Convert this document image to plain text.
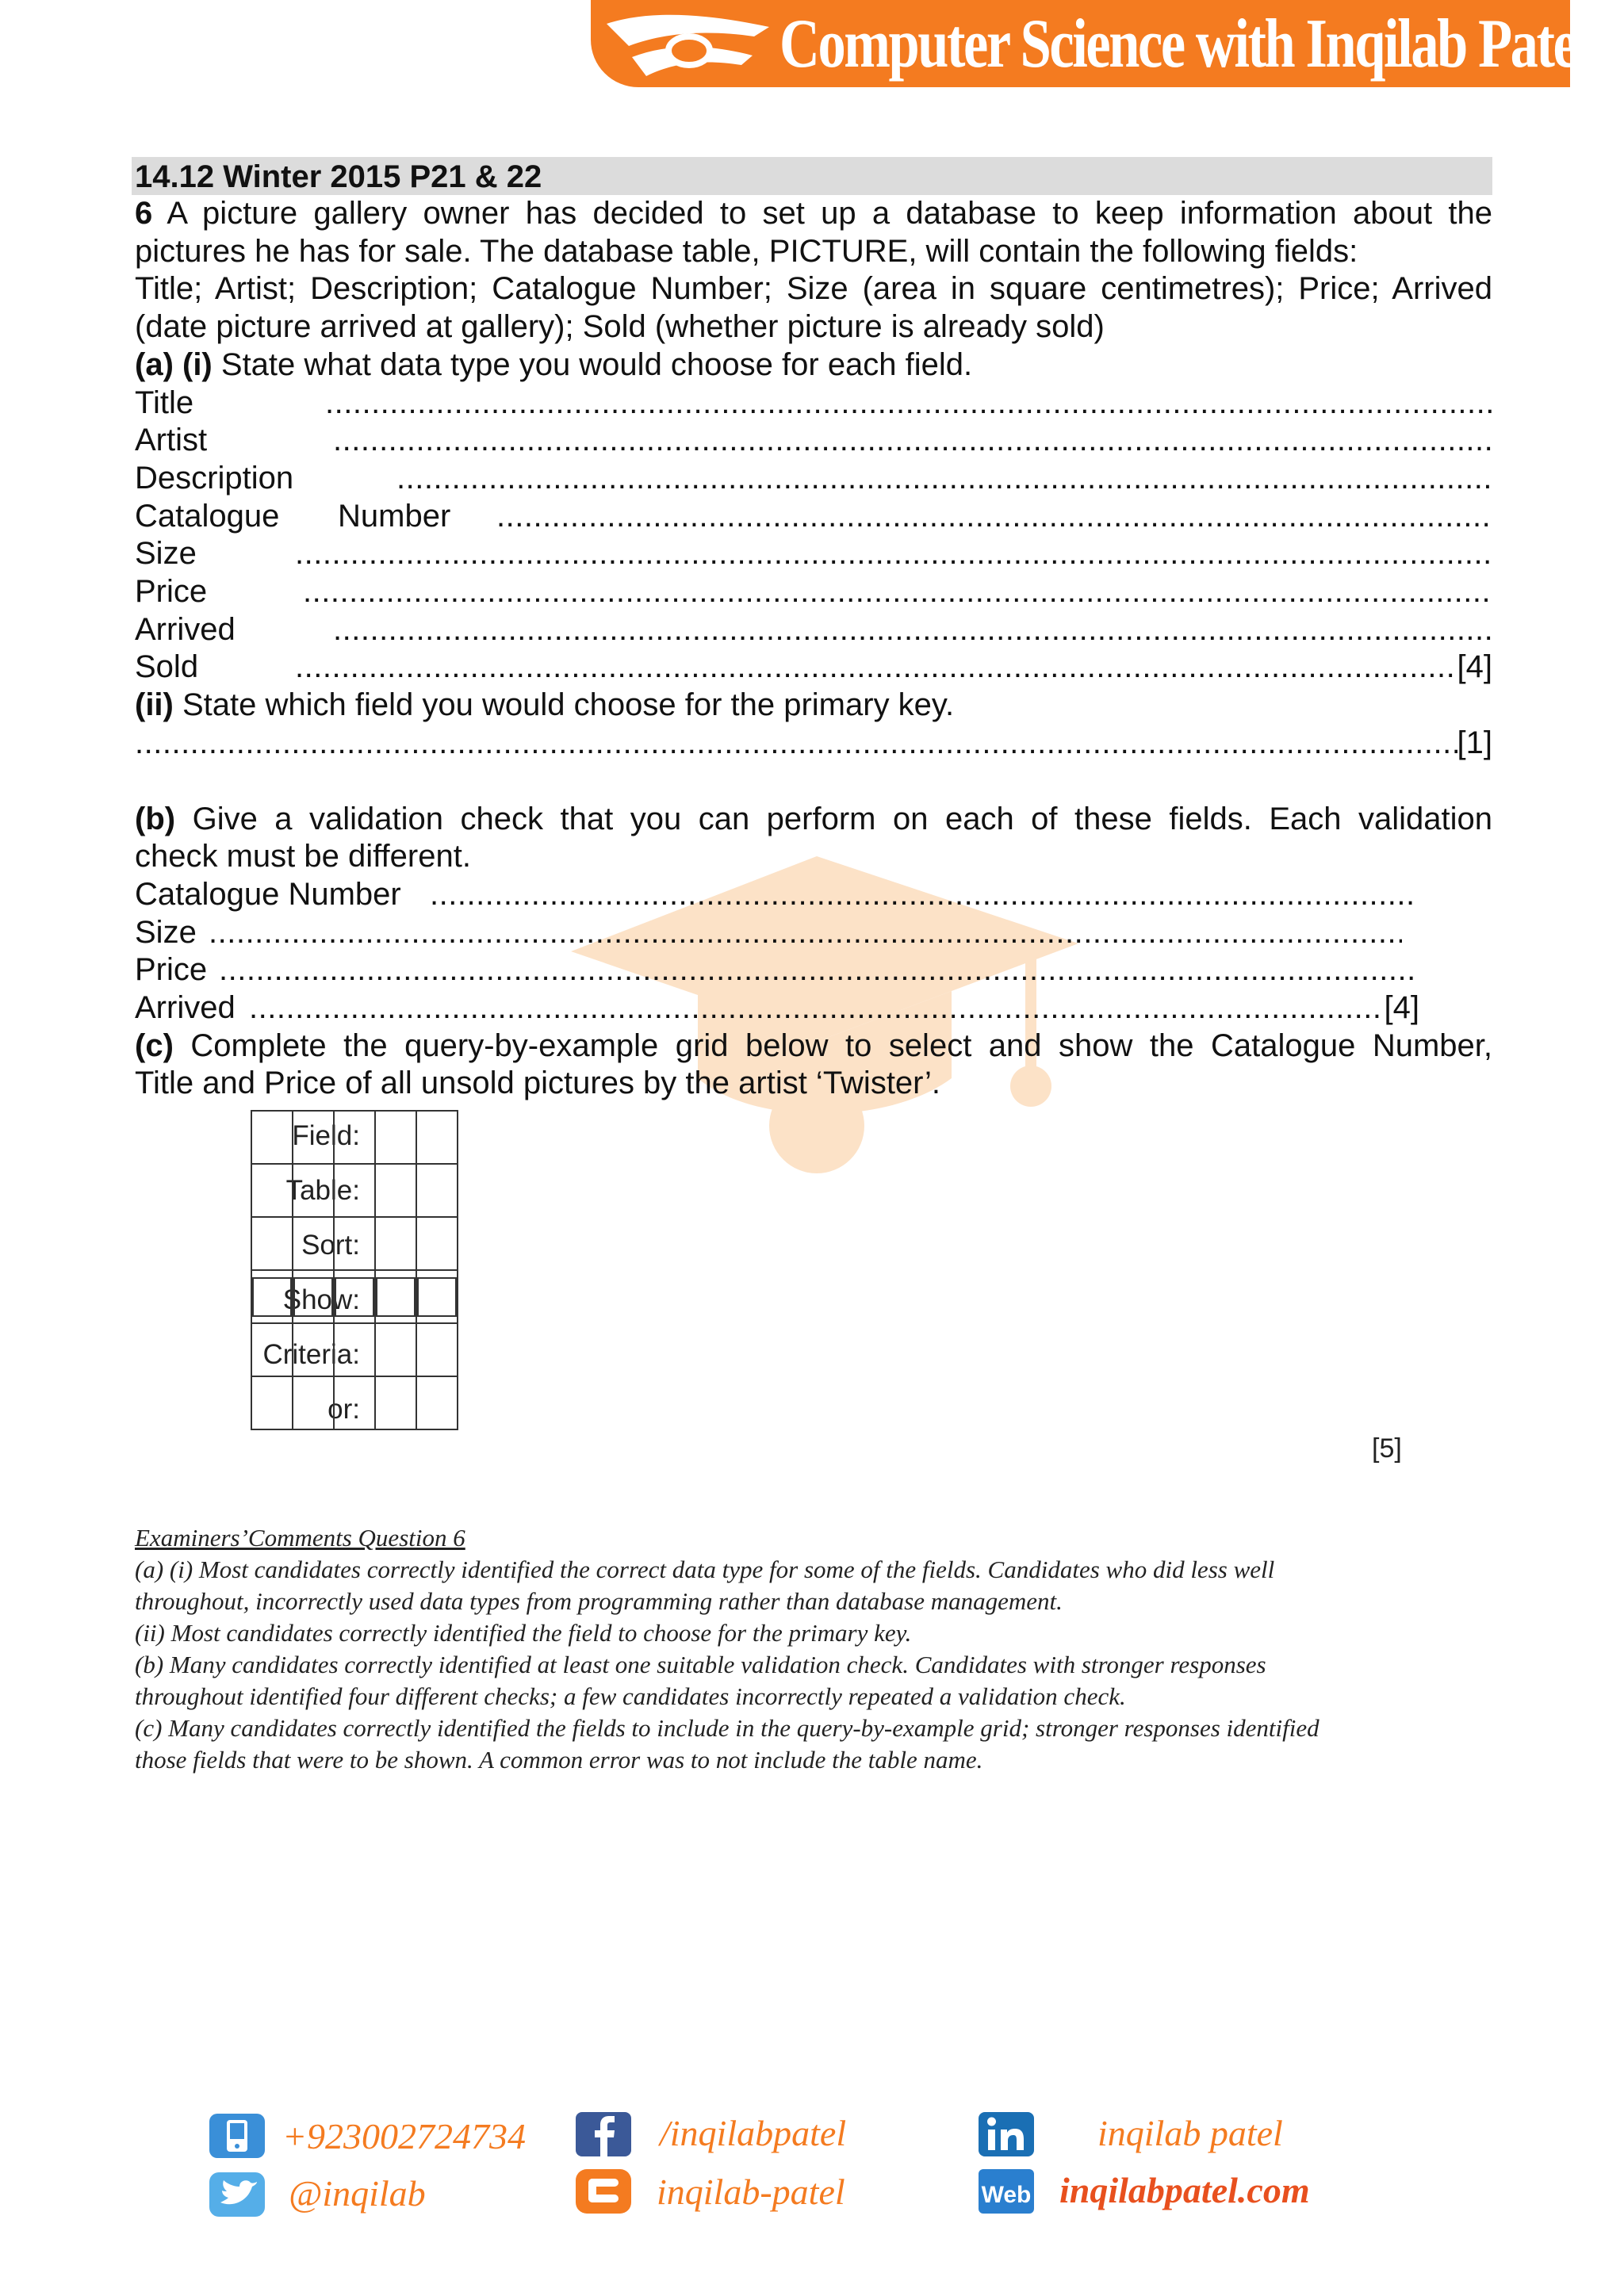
Computer Science with Inqilab Patel
14.12 Winter 2015 P21 & 22
6 A picture gallery owner has decided to set up a database to keep information about the
pictures he has for sale. The database table, PICTURE, will contain the following fields:
Title; Artist; Description; Catalogue Number; Size (area in square centimetres); Price; Arrived
(date picture arrived at gallery); Sold (whether picture is already sold)
(a) (i) State what data type you would choose for each field.
Title
.....
Artist
.....
Description
.....
Catalogue	Number
.....
Size
.....
Price
.....
Arrived
.....
Sold .....	[4]
(ii) State which field you would choose for the primary key.
.....
[1]
(b) Give a validation check that you can perform on each of these fields. Each validation
check must be different.
Catalogue Number
.....
Size
.....
Price
.....
Arrived .....	[4]
(c) Complete the query-by-example grid below to select and show the Catalogue Number,
Title and Price of all unsold pictures by the artist ‘Twister’.
Field:
Table:
Sort:
Show:
Criteria:
or:

[5]
Examiners’Comments Question 6
(a) (i) Most candidates correctly identified the correct data type for some of the fields. Candidates who did less well
throughout, incorrectly used data types from programming rather than database management.
(ii) Most candidates correctly identified the field to choose for the primary key.
(b) Many candidates correctly identified at least one suitable validation check. Candidates with stronger responses
throughout identified four different checks; a few candidates incorrectly repeated a validation check.
(c) Many candidates correctly identified the fields to include in the query-by-example grid; stronger responses identified
those fields that were to be shown. A common error was to not include the table name.
+923002724734
@inqilab
/inqilabpatel
inqilab-patel
inqilab patel
Web inqilabpatel.com
